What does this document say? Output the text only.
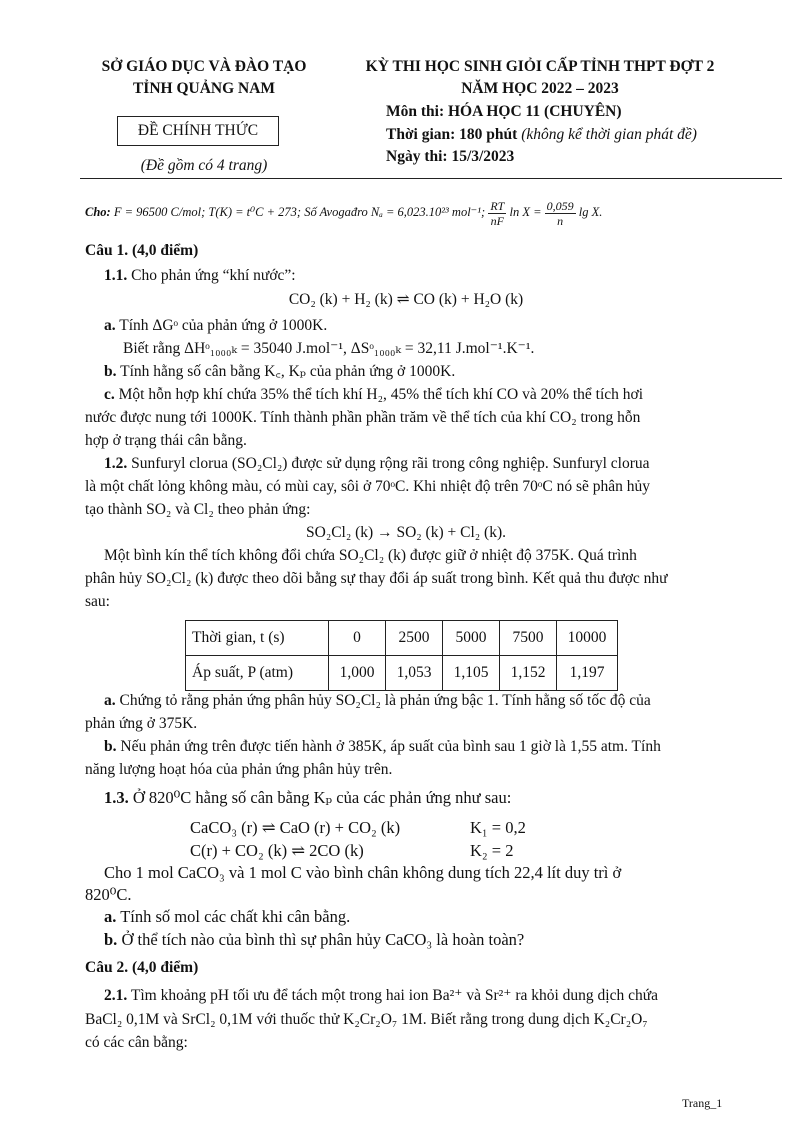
SỞ GIÁO DỤC VÀ ĐÀO TẠO
TỈNH QUẢNG NAM
ĐỀ CHÍNH THỨC
(Đề gồm có 4 trang)
KỲ THI HỌC SINH GIỎI CẤP TỈNH THPT ĐỢT 2
NĂM HỌC 2022 – 2023
Môn thi: HÓA HỌC 11 (CHUYÊN)
Thời gian: 180 phút (không kể thời gian phát đề)
Ngày thi: 15/3/2023
Cho: F = 96500 C/mol; T(K) = t⁰C + 273; Số Avogađro Nₐ = 6,023.10²³ mol⁻¹; $\frac{RT}{nF}$ $\ln X = \frac{0,059}{n}$ lg X.
Câu 1. (4,0 điểm)
1.1. Cho phản ứng “khí nước”:
CO₂ (k) + H₂ (k) ⇌ CO (k) + H₂O (k)
a. Tính ΔGᵒ của phản ứng ở 1000K.
Biết rằng ΔHᵒ₁₀₀₀ₖ = 35040 J.mol⁻¹, ΔSᵒ₁₀₀₀ₖ = 32,11 J.mol⁻¹.K⁻¹.
b. Tính hằng số cân bằng K꜀, Kₚ của phản ứng ở 1000K.
c. Một hỗn hợp khí chứa 35% thể tích khí H₂, 45% thể tích khí CO và 20% thể tích hơi
nước được nung tới 1000K. Tính thành phần phần trăm về thể tích của khí CO₂ trong hỗn
hợp ở trạng thái cân bằng.
1.2. Sunfuryl clorua (SO₂Cl₂) được sử dụng rộng rãi trong công nghiệp. Sunfuryl clorua
là một chất lỏng không màu, có mùi cay, sôi ở 70ᵒC. Khi nhiệt độ trên 70ᵒC nó sẽ phân hủy
tạo thành SO₂ và Cl₂ theo phản ứng:
SO₂Cl₂ (k) → SO₂ (k) + Cl₂ (k).
Một bình kín thể tích không đổi chứa SO₂Cl₂ (k) được giữ ở nhiệt độ 375K. Quá trình
phân hủy SO₂Cl₂ (k) được theo dõi bằng sự thay đổi áp suất trong bình. Kết quả thu được như
sau:
Thời gian, t (s)	0	2500	5000	7500	10000
Áp suất, P (atm)	1,000	1,053	1,105	1,152	1,197
a. Chứng tỏ rằng phản ứng phân hủy SO₂Cl₂ là phản ứng bậc 1. Tính hằng số tốc độ của
phản ứng ở 375K.
b. Nếu phản ứng trên được tiến hành ở 385K, áp suất của bình sau 1 giờ là 1,55 atm. Tính
năng lượng hoạt hóa của phản ứng phân hủy trên.
1.3. Ở 820⁰C hằng số cân bằng Kₚ của các phản ứng như sau:
CaCO₃ (r) ⇌ CaO (r) + CO₂ (k)	K₁ = 0,2
C(r) + CO₂ (k) ⇌ 2CO (k)	K₂ = 2
Cho 1 mol CaCO₃ và 1 mol C vào bình chân không dung tích 22,4 lít duy trì ở
820⁰C.
a. Tính số mol các chất khi cân bằng.
b. Ở thể tích nào của bình thì sự phân hủy CaCO₃ là hoàn toàn?
Câu 2. (4,0 điểm)
2.1. Tìm khoảng pH tối ưu để tách một trong hai ion Ba²⁺ và Sr²⁺ ra khỏi dung dịch chứa
BaCl₂ 0,1M và SrCl₂ 0,1M với thuốc thử K₂Cr₂O₇ 1M. Biết rằng trong dung dịch K₂Cr₂O₇
có các cân bằng:
Trang_1
